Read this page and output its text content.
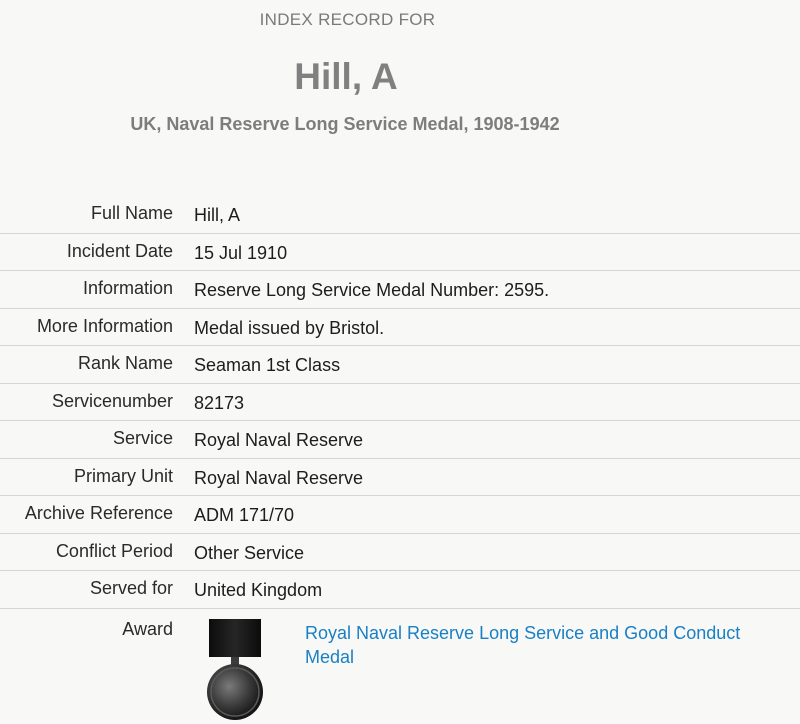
INDEX RECORD FOR
Hill, A
UK, Naval Reserve Long Service Medal, 1908-1942
Full Name Hill, A
Incident Date 15 Jul 1910
Information Reserve Long Service Medal Number: 2595.
More Information Medal issued by Bristol.
Rank Name Seaman 1st Class
Servicenumber 82173
Service Royal Naval Reserve
Primary Unit Royal Naval Reserve
Archive Reference ADM 171/70
Conflict Period Other Service
Served for United Kingdom
Award	Royal Naval Reserve Long Service and Good Conduct Medal
